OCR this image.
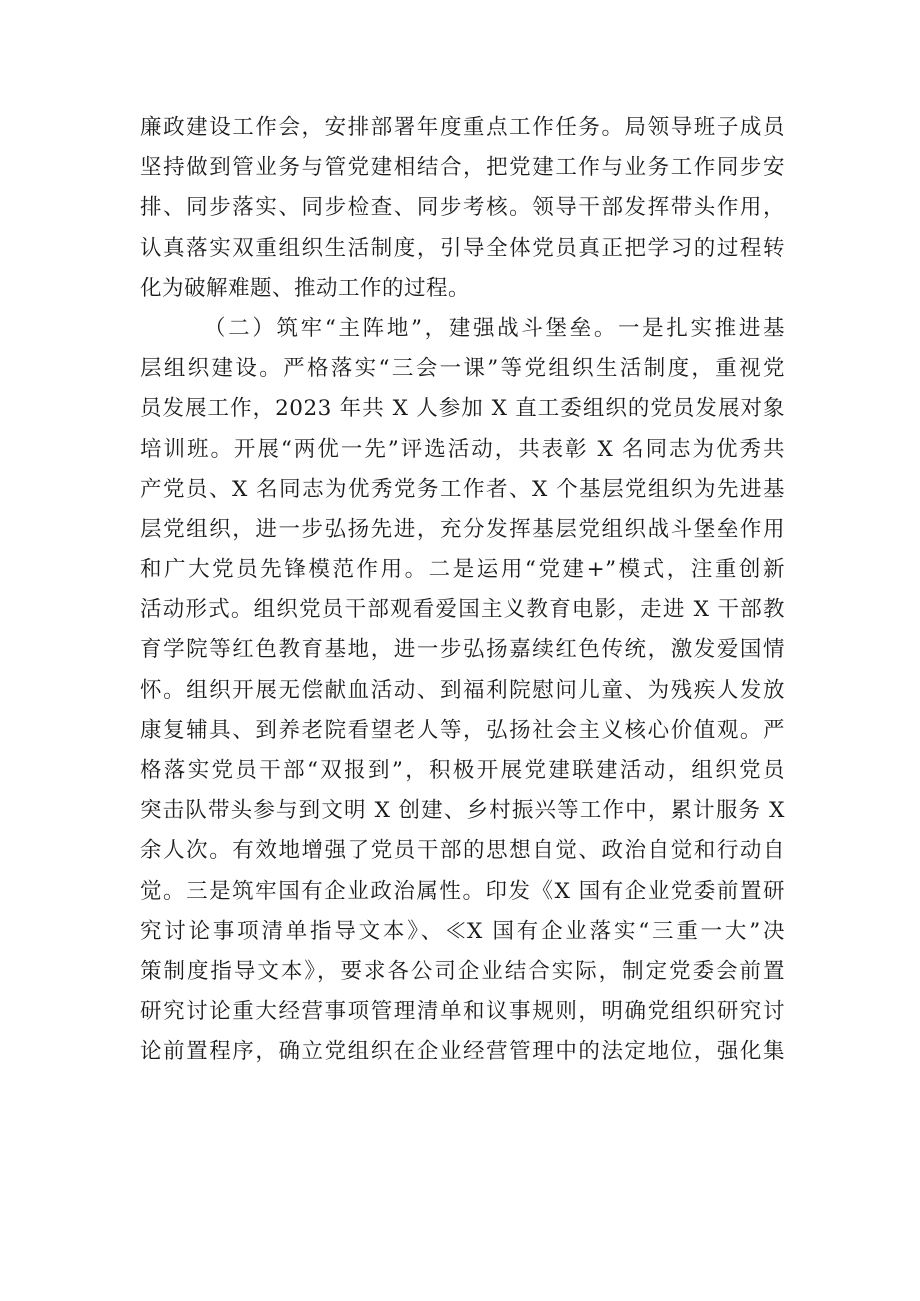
廉政建设工作会，安排部署年度重点工作任务。局领导班子成员
坚持做到管业务与管党建相结合，把党建工作与业务工作同步安
排、同步落实、同步检查、同步考核。领导干部发挥带头作用，
认真落实双重组织生活制度，引导全体党员真正把学习的过程转
化为破解难题、推动工作的过程。
（二）筑牢“主阵地”，建强战斗堡垒。一是扎实推进基
层组织建设。严格落实“三会一课”等党组织生活制度，重视党
员发展工作，2023 年共 X 人参加 X 直工委组织的党员发展对象
培训班。开展“两优一先”评选活动，共表彰 X 名同志为优秀共
产党员、X 名同志为优秀党务工作者、X 个基层党组织为先进基
层党组织，进一步弘扬先进，充分发挥基层党组织战斗堡垒作用
和广大党员先锋模范作用。二是运用“党建+”模式，注重创新
活动形式。组织党员干部观看爱国主义教育电影，走进 X 干部教
育学院等红色教育基地，进一步弘扬嘉续红色传统，激发爱国情
怀。组织开展无偿献血活动、到福利院慰问儿童、为残疾人发放
康复辅具、到养老院看望老人等，弘扬社会主义核心价值观。严
格落实党员干部“双报到”，积极开展党建联建活动，组织党员
突击队带头参与到文明 X 创建、乡村振兴等工作中，累计服务 X
余人次。有效地增强了党员干部的思想自觉、政治自觉和行动自
觉。三是筑牢国有企业政治属性。印发《X 国有企业党委前置研
究讨论事项清单指导文本》、≪X 国有企业落实“三重一大”决
策制度指导文本》，要求各公司企业结合实际，制定党委会前置
研究讨论重大经营事项管理清单和议事规则，明确党组织研究讨
论前置程序，确立党组织在企业经营管理中的法定地位，强化集
